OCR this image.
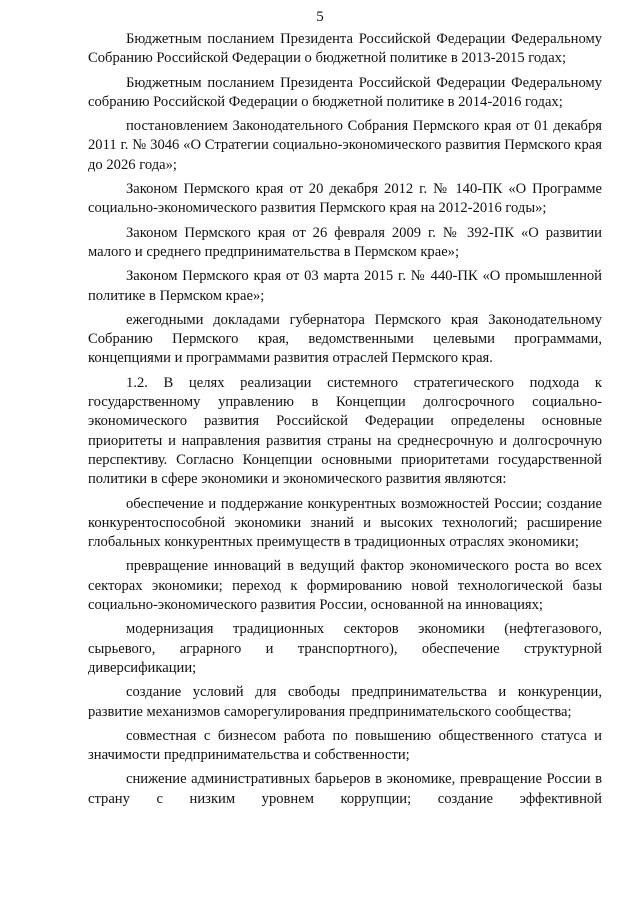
5

Бюджетным посланием Президента Российской Федерации Федеральному Собранию Российской Федерации о бюджетной политике в 2013-2015 годах;

Бюджетным посланием Президента Российской Федерации Федеральному собранию Российской Федерации о бюджетной политике в 2014-2016 годах;

постановлением Законодательного Собрания Пермского края от 01 декабря 2011 г. № 3046 «О Стратегии социально-экономического развития Пермского края до 2026 года»;

Законом Пермского края от 20 декабря 2012 г. № 140-ПК «О Программе социально-экономического развития Пермского края на 2012-2016 годы»;

Законом Пермского края от 26 февраля 2009 г. № 392-ПК «О развитии малого и среднего предпринимательства в Пермском крае»;

Законом Пермского края от 03 марта 2015 г. № 440-ПК «О промышленной политике в Пермском крае»;

ежегодными докладами губернатора Пермского края Законодательному Собранию Пермского края, ведомственными целевыми программами, концепциями и программами развития отраслей Пермского края.

1.2. В целях реализации системного стратегического подхода к государственному управлению в Концепции долгосрочного социально-экономического развития Российской Федерации определены основные приоритеты и направления развития страны на среднесрочную и долгосрочную перспективу. Согласно Концепции основными приоритетами государственной политики в сфере экономики и экономического развития являются:

обеспечение и поддержание конкурентных возможностей России; создание конкурентоспособной экономики знаний и высоких технологий; расширение глобальных конкурентных преимуществ в традиционных отраслях экономики;

превращение инноваций в ведущий фактор экономического роста во всех секторах экономики; переход к формированию новой технологической базы социально-экономического развития России, основанной на инновациях;

модернизация традиционных секторов экономики (нефтегазового, сырьевого, аграрного и транспортного), обеспечение структурной диверсификации;

создание условий для свободы предпринимательства и конкуренции, развитие механизмов саморегулирования предпринимательского сообщества;

совместная с бизнесом работа по повышению общественного статуса и значимости предпринимательства и собственности;

снижение административных барьеров в экономике, превращение России в страну с низким уровнем коррупции; создание эффективной
